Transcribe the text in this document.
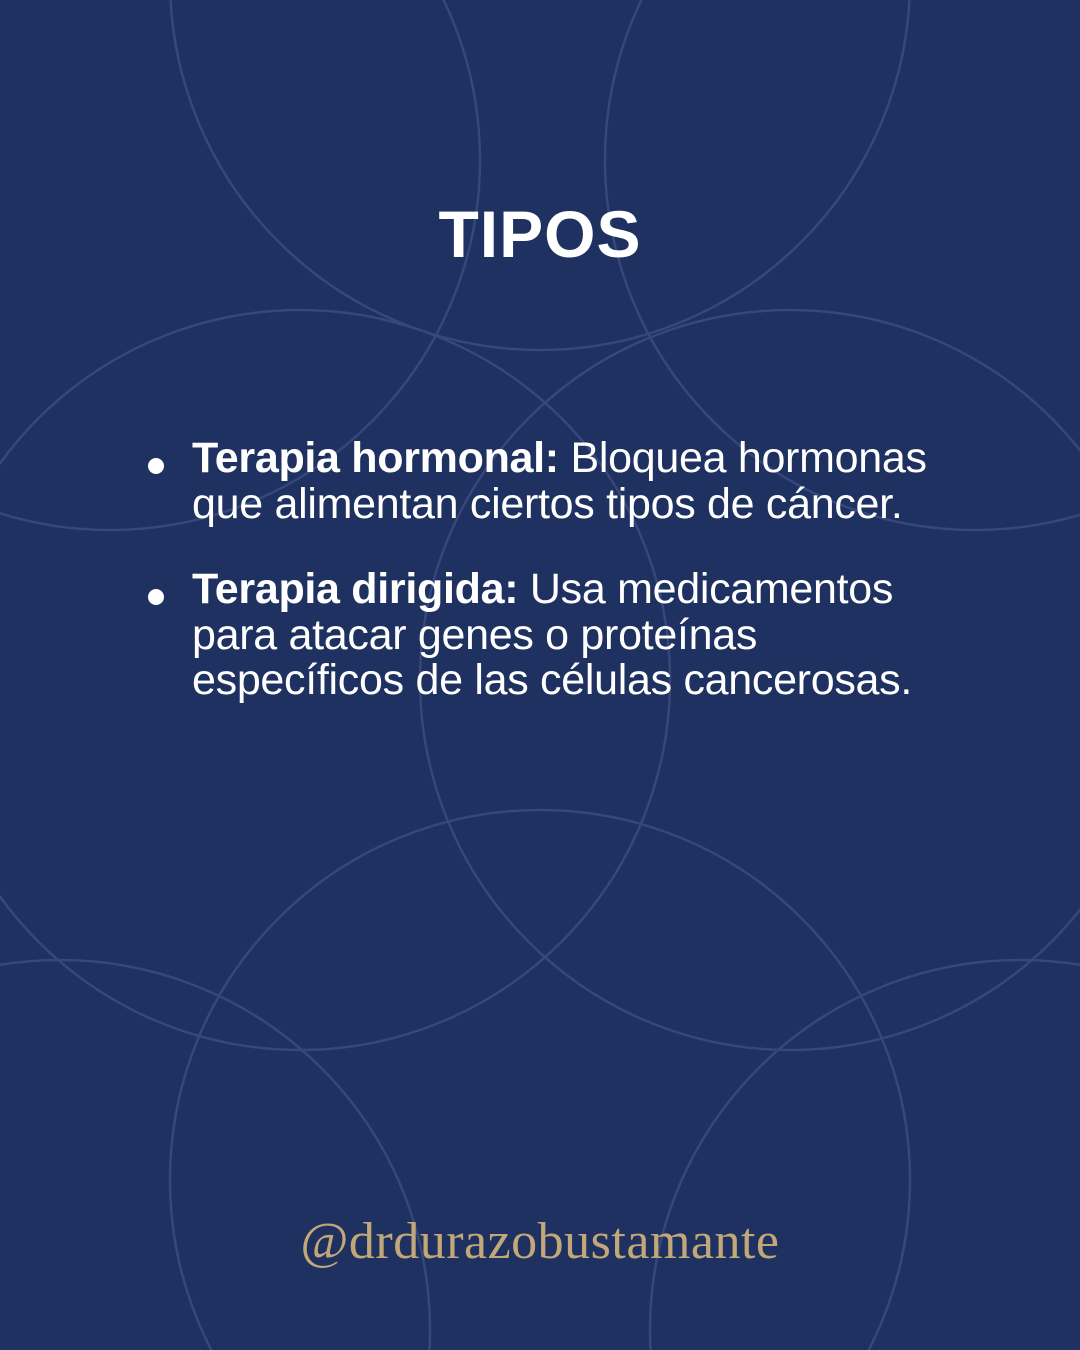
TIPOS
Terapia hormonal: Bloquea hormonas que alimentan ciertos tipos de cáncer.
Terapia dirigida: Usa medicamentos para atacar genes o proteínas específicos de las células cancerosas.
@drdurazobustamante
